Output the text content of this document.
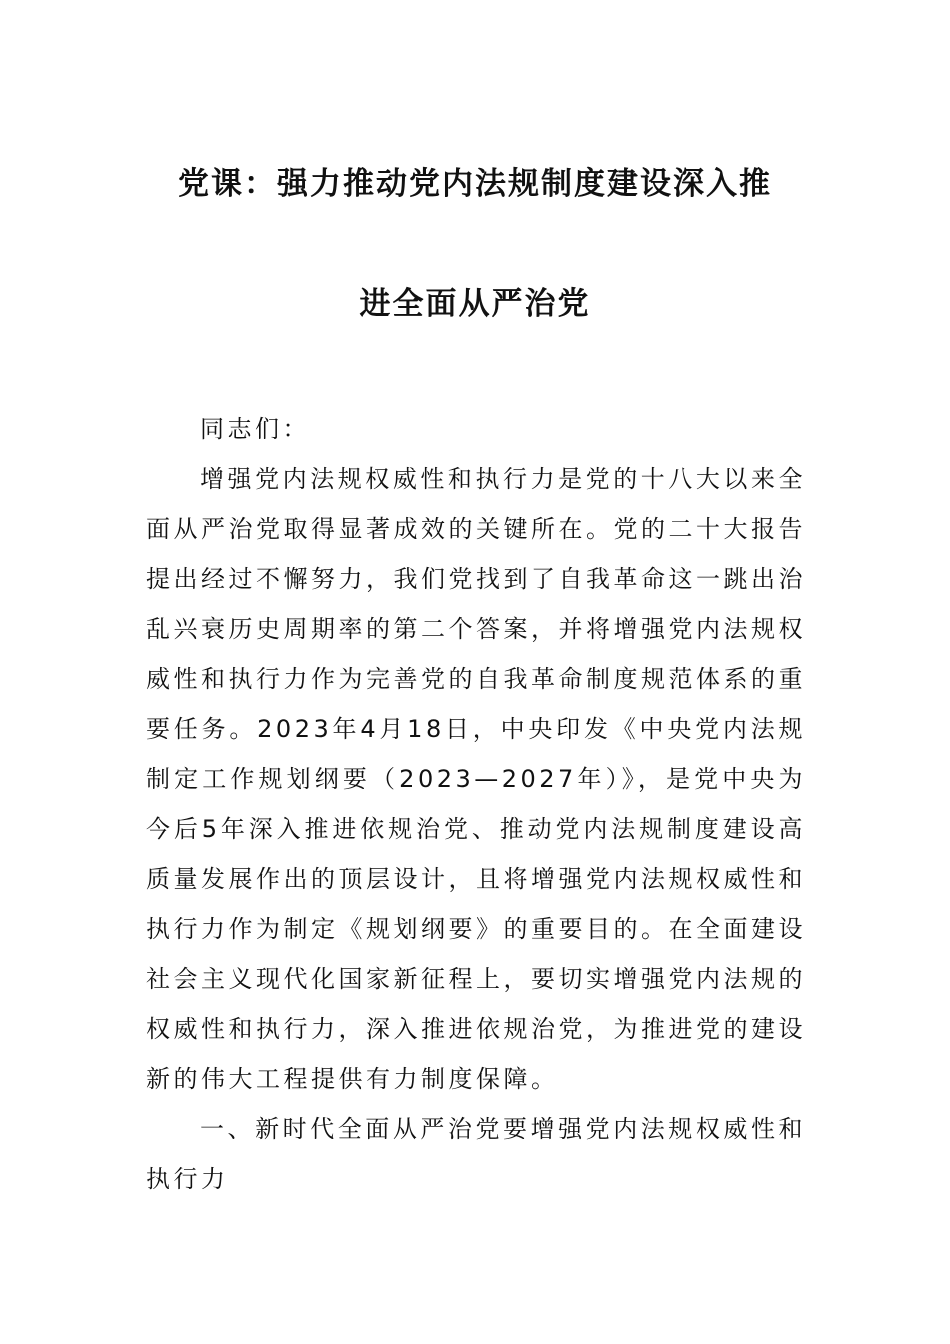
党课：强力推动党内法规制度建设深入推
进全面从严治党

同志们：

增强党内法规权威性和执行力是党的十八大以来全面从严治党取得显著成效的关键所在。党的二十大报告提出经过不懈努力，我们党找到了自我革命这一跳出治乱兴衰历史周期率的第二个答案，并将增强党内法规权威性和执行力作为完善党的自我革命制度规范体系的重要任务。2023年4月18日，中央印发《中央党内法规制定工作规划纲要（2023—2027年）》，是党中央为今后5年深入推进依规治党、推动党内法规制度建设高质量发展作出的顶层设计，且将增强党内法规权威性和执行力作为制定《规划纲要》的重要目的。在全面建设社会主义现代化国家新征程上，要切实增强党内法规的权威性和执行力，深入推进依规治党，为推进党的建设新的伟大工程提供有力制度保障。

一、新时代全面从严治党要增强党内法规权威性和执行力
